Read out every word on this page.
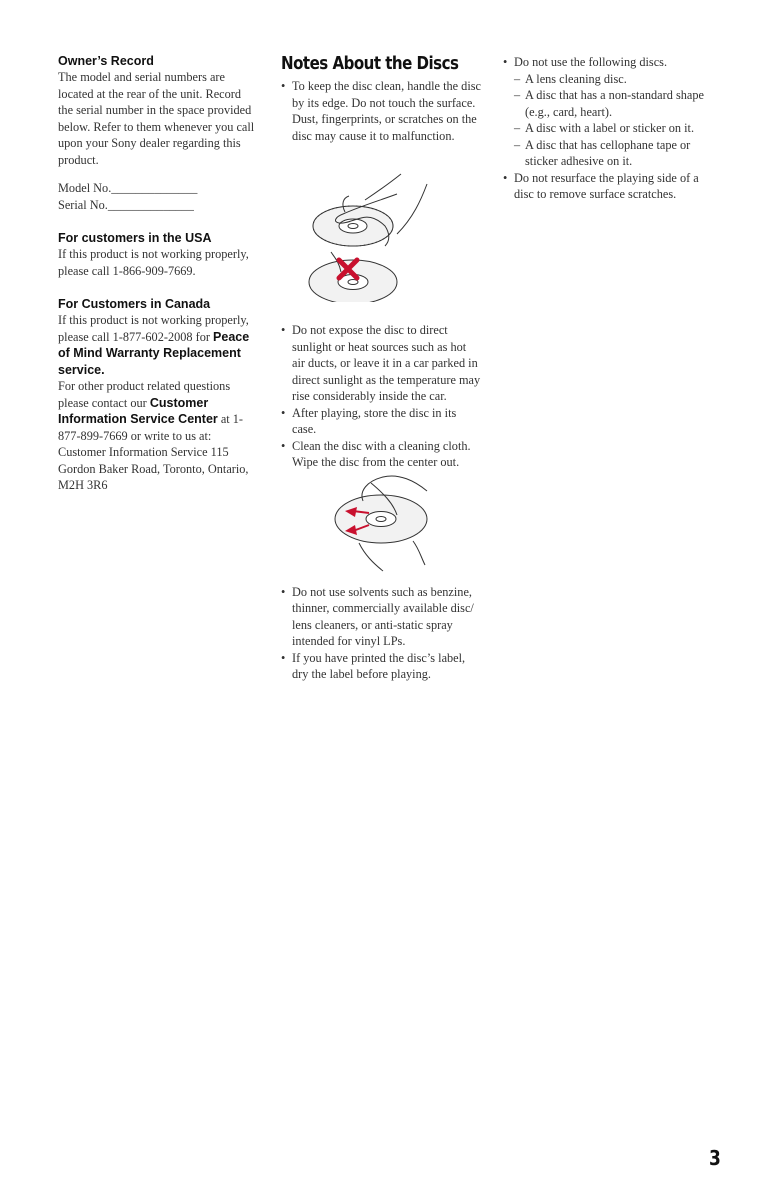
Owner’s Record

The model and serial numbers are located at the rear of the unit. Record the serial number in the space provided below. Refer to them whenever you call upon your Sony dealer regarding this product.

Model No.______________

Serial No.______________

For customers in the USA

If this product is not working properly, please call 1-866-909-7669.

For Customers in Canada

If this product is not working properly, please call 1-877-602-2008 for Peace of Mind Warranty Replacement service.

For other product related questions please contact our Customer Information Service Center at 1-877-899-7669 or write to us at: Customer Information Service 115 Gordon Baker Road, Toronto, Ontario, M2H 3R6

Notes About the Discs

• To keep the disc clean, handle the disc by its edge. Do not touch the surface.
Dust, fingerprints, or scratches on the disc may cause it to malfunction.
• Do not expose the disc to direct sunlight or heat sources such as hot air ducts, or leave it in a car parked in direct sunlight as the temperature may rise considerably inside the car.
• After playing, store the disc in its case.
• Clean the disc with a cleaning cloth. Wipe the disc from the center out.
• Do not use solvents such as benzine, thinner, commercially available disc/ lens cleaners, or anti-static spray intended for vinyl LPs.
• If you have printed the disc’s label, dry the label before playing.
• Do not use the following discs.
– A lens cleaning disc.
– A disc that has a non-standard shape (e.g., card, heart).
– A disc with a label or sticker on it.
– A disc that has cellophane tape or sticker adhesive on it.
• Do not resurface the playing side of a disc to remove surface scratches.
3
